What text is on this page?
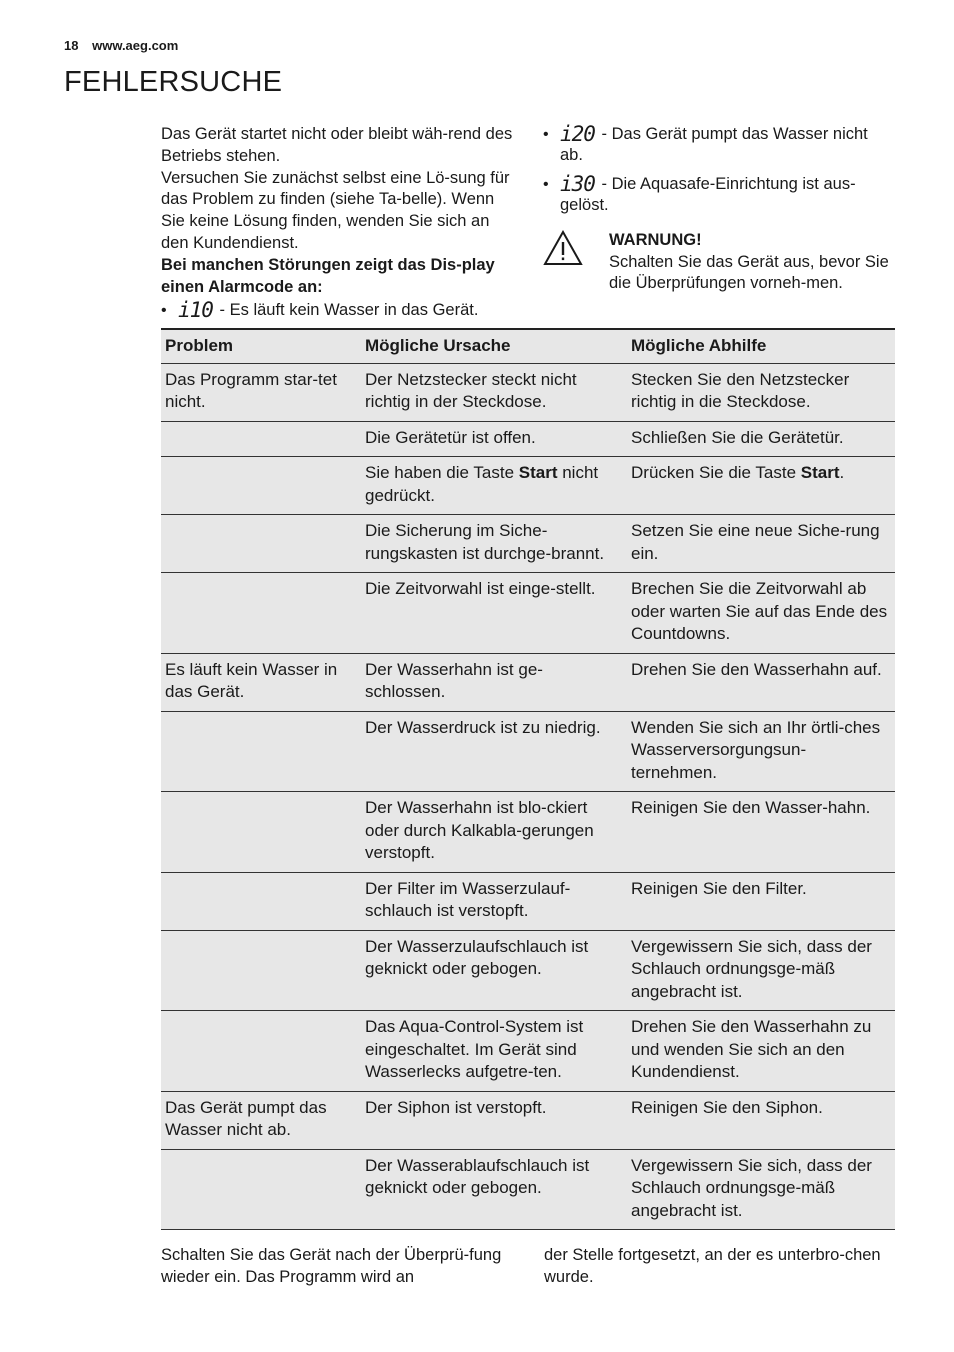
18 www.aeg.com
FEHLERSUCHE

Das Gerät startet nicht oder bleibt wäh-rend des Betriebs stehen.

Versuchen Sie zunächst selbst eine Lö-sung für das Problem zu finden (siehe Ta-belle). Wenn Sie keine Lösung finden, wenden Sie sich an den Kundendienst.

Bei manchen Störungen zeigt das Dis-play einen Alarmcode an:

• i10 - Es läuft kein Wasser in das Gerät.
• i20 - Das Gerät pumpt das Wasser nicht ab.
• i30 - Die Aquasafe-Einrichtung ist aus-gelöst.
WARNUNG!
Schalten Sie das Gerät aus, bevor Sie die Überprüfungen vorneh-men.
Problem	Mögliche Ursache	Mögliche Abhilfe
Das Programm star-tet nicht.	Der Netzstecker steckt nicht richtig in der Steckdose.	Stecken Sie den Netzstecker richtig in die Steckdose.
	Die Gerätetür ist offen.	Schließen Sie die Gerätetür.
	Sie haben die Taste Start nicht gedrückt.	Drücken Sie die Taste Start.
	Die Sicherung im Siche-rungskasten ist durchge-brannt.	Setzen Sie eine neue Siche-rung ein.
	Die Zeitvorwahl ist einge-stellt.	Brechen Sie die Zeitvorwahl ab oder warten Sie auf das Ende des Countdowns.
Es läuft kein Wasser in das Gerät.	Der Wasserhahn ist ge-schlossen.	Drehen Sie den Wasserhahn auf.
	Der Wasserdruck ist zu niedrig.	Wenden Sie sich an Ihr örtli-ches Wasserversorgungsun-ternehmen.
	Der Wasserhahn ist blo-ckiert oder durch Kalkabla-gerungen verstopft.	Reinigen Sie den Wasser-hahn.
	Der Filter im Wasserzulauf-schlauch ist verstopft.	Reinigen Sie den Filter.
	Der Wasserzulaufschlauch ist geknickt oder gebogen.	Vergewissern Sie sich, dass der Schlauch ordnungsge-mäß angebracht ist.
	Das Aqua-Control-System ist eingeschaltet. Im Gerät sind Wasserlecks aufgetre-ten.	Drehen Sie den Wasserhahn zu und wenden Sie sich an den Kundendienst.
Das Gerät pumpt das Wasser nicht ab.	Der Siphon ist verstopft.	Reinigen Sie den Siphon.
	Der Wasserablaufschlauch ist geknickt oder gebogen.	Vergewissern Sie sich, dass der Schlauch ordnungsge-mäß angebracht ist.
Schalten Sie das Gerät nach der Überprü-fung wieder ein. Das Programm wird an
der Stelle fortgesetzt, an der es unterbro-chen wurde.
